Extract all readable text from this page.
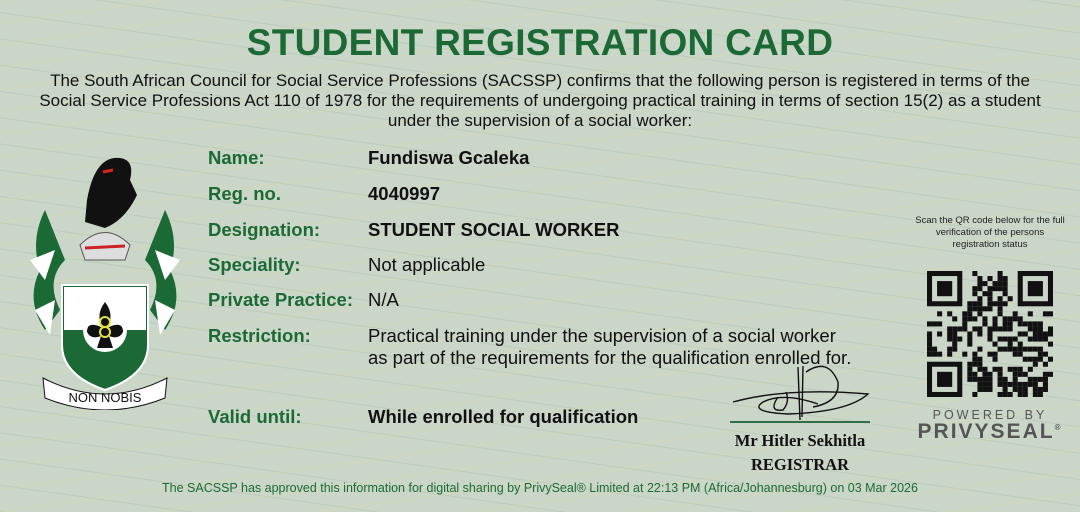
STUDENT REGISTRATION CARD
The South African Council for Social Service Professions (SACSSP) confirms that the following person is registered in terms of the Social Service Professions Act 110 of 1978 for the requirements of undergoing practical training in terms of section 15(2) as a student under the supervision of a social worker:
NON NOBIS
Name:	Fundiswa Gcaleka
Reg. no.	4040997
Designation:	STUDENT SOCIAL WORKER
Speciality:	Not applicable
Private Practice: N/A
Restriction:	Practical training under the supervision of a social worker
as part of the requirements for the qualification enrolled for.
Valid until:	While enrolled for qualification
Mr Hitler Sekhitla
REGISTRAR
Scan the QR code below for the full verification of the persons registration status
POWERED BY
PRIVYSEAL®
The SACSSP has approved this information for digital sharing by PrivySeal® Limited at 22:13 PM (Africa/Johannesburg) on 03 Mar 2026
